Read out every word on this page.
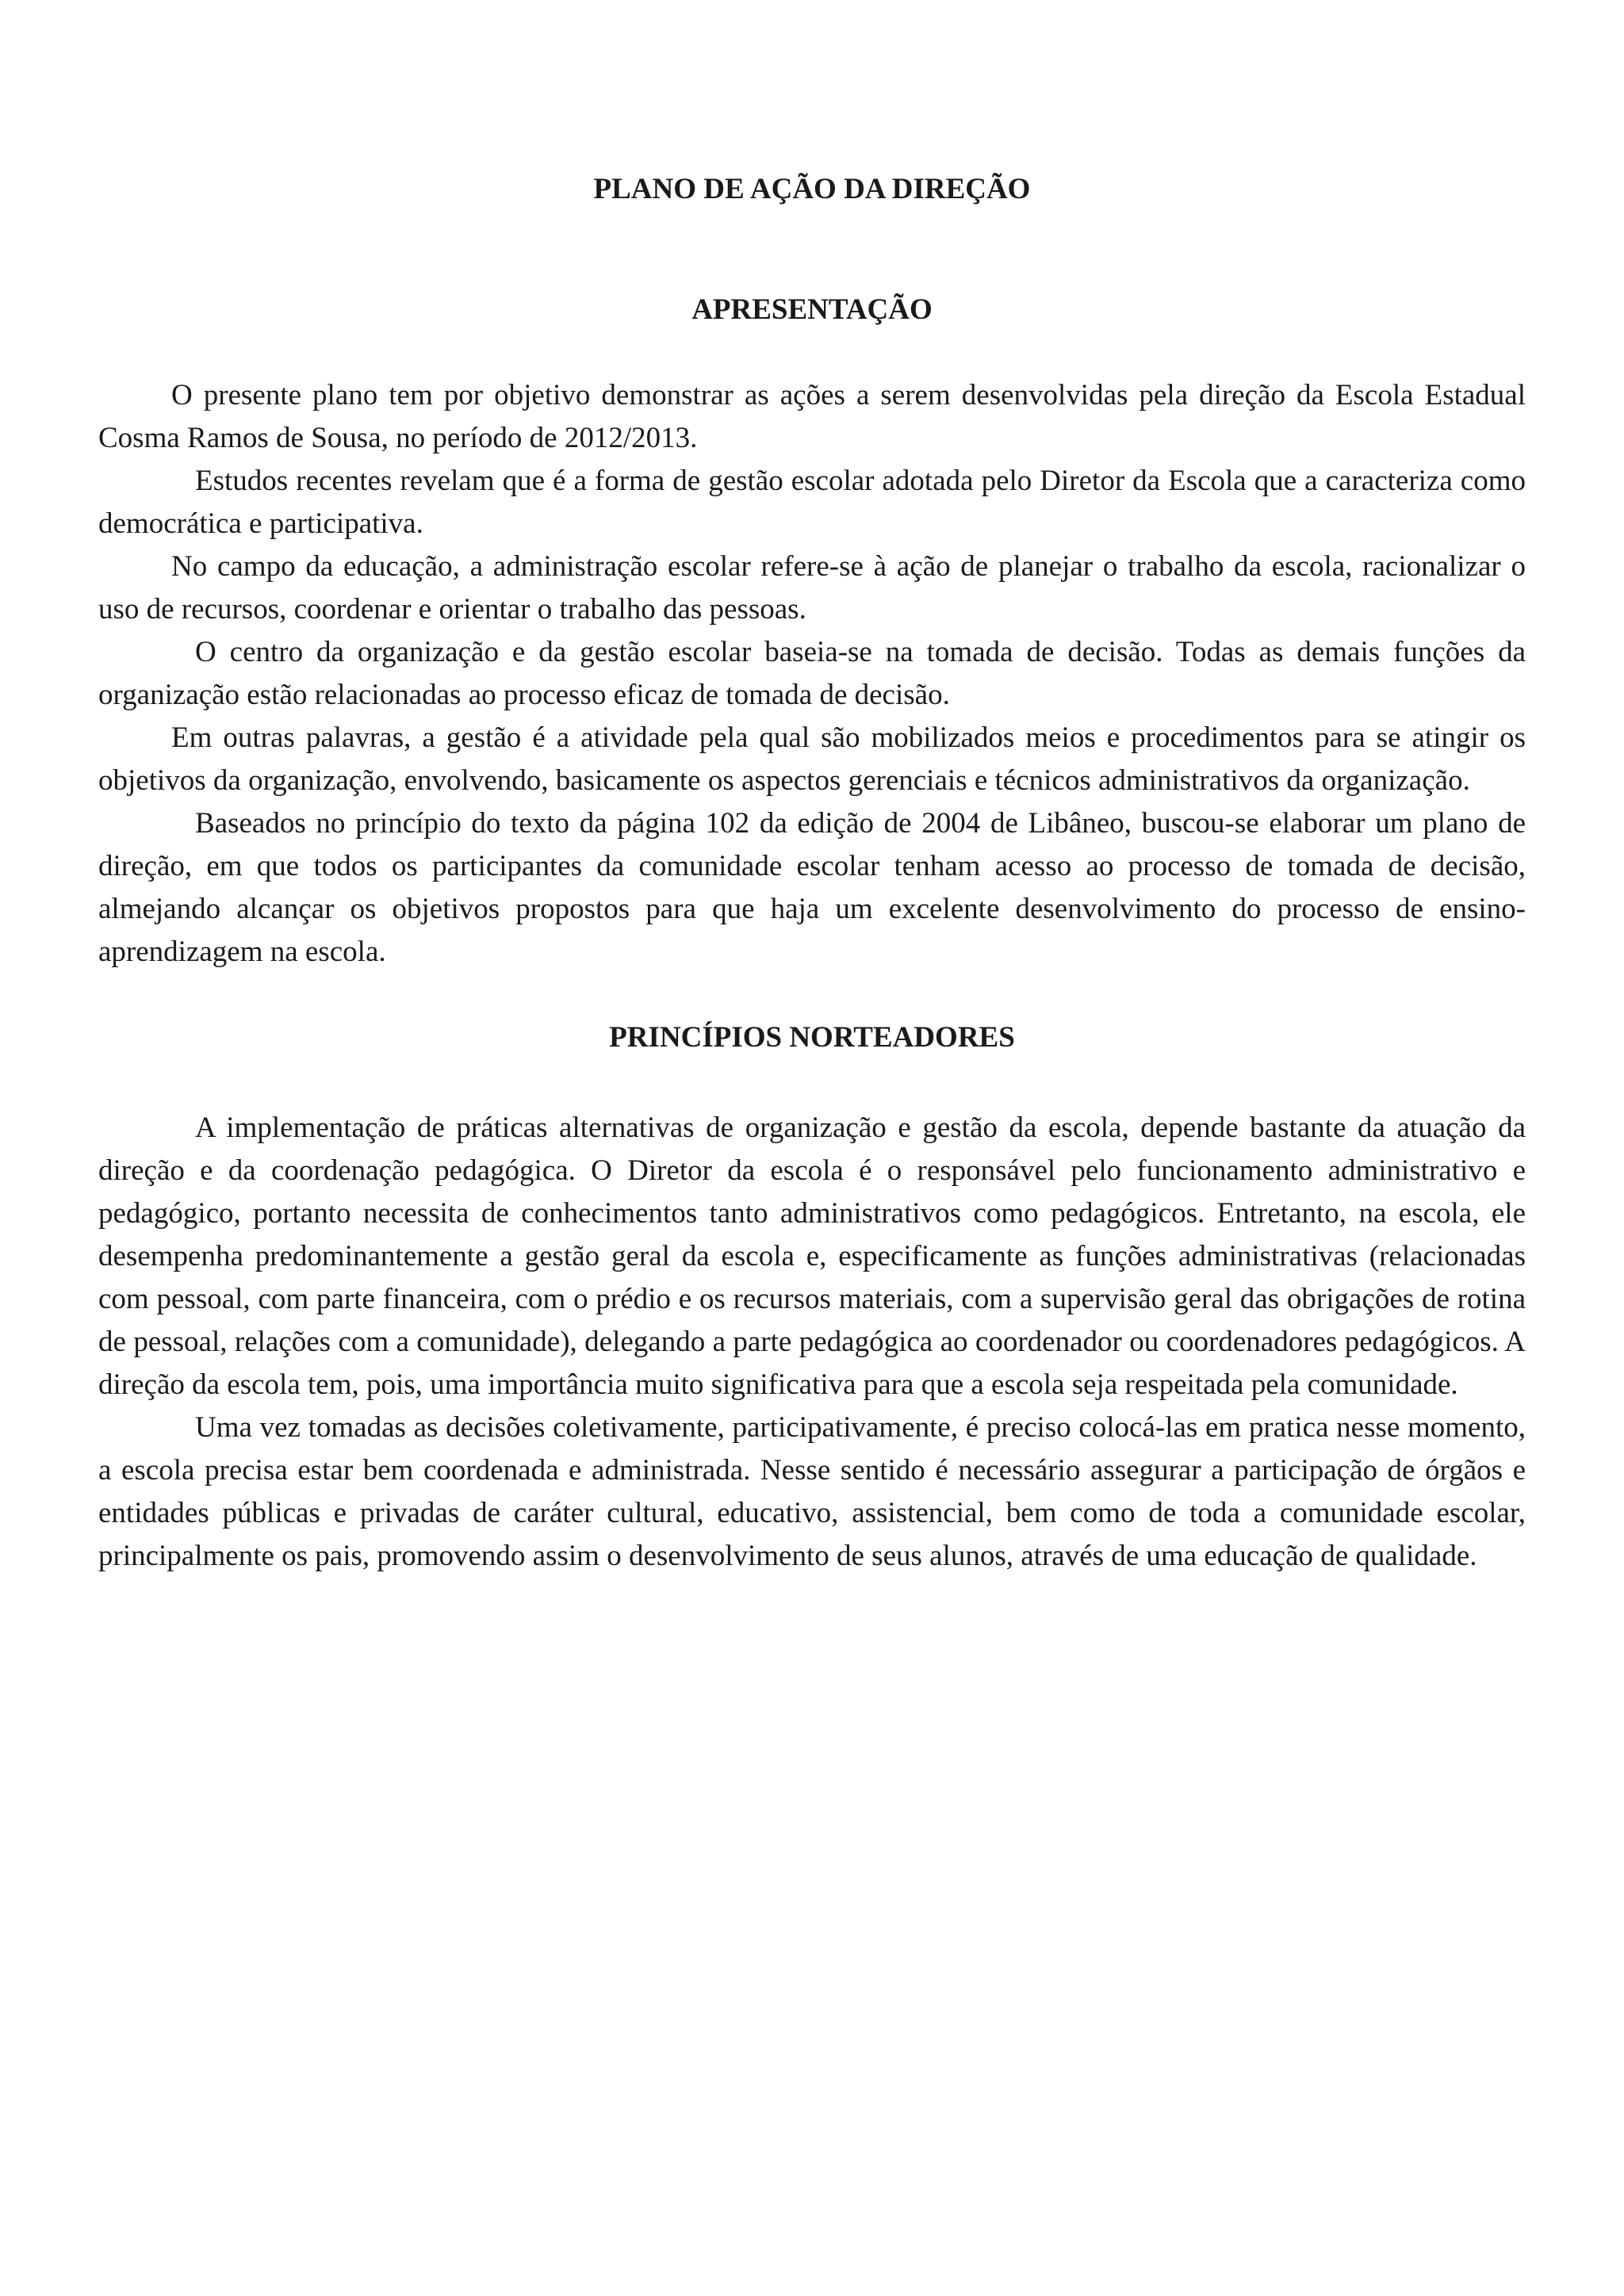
PLANO DE AÇÃO DA DIREÇÃO
APRESENTAÇÃO

O presente plano tem por objetivo demonstrar as ações a serem desenvolvidas pela direção da Escola Estadual Cosma Ramos de Sousa, no período de 2012/2013.

Estudos recentes revelam que é a forma de gestão escolar adotada pelo Diretor da Escola que a caracteriza como democrática e participativa.

No campo da educação, a administração escolar refere-se à ação de planejar o trabalho da escola, racionalizar o uso de recursos, coordenar e orientar o trabalho das pessoas.

O centro da organização e da gestão escolar baseia-se na tomada de decisão. Todas as demais funções da organização estão relacionadas ao processo eficaz de tomada de decisão.

Em outras palavras, a gestão é a atividade pela qual são mobilizados meios e procedimentos para se atingir os objetivos da organização, envolvendo, basicamente os aspectos gerenciais e técnicos administrativos da organização.

Baseados no princípio do texto da página 102 da edição de 2004 de Libâneo, buscou-se elaborar um plano de direção, em que todos os participantes da comunidade escolar tenham acesso ao processo de tomada de decisão, almejando alcançar os objetivos propostos para que haja um excelente desenvolvimento do processo de ensino-aprendizagem na escola.

PRINCÍPIOS NORTEADORES

A implementação de práticas alternativas de organização e gestão da escola, depende bastante da atuação da direção e da coordenação pedagógica. O Diretor da escola é o responsável pelo funcionamento administrativo e pedagógico, portanto necessita de conhecimentos tanto administrativos como pedagógicos. Entretanto, na escola, ele desempenha predominantemente a gestão geral da escola e, especificamente as funções administrativas (relacionadas com pessoal, com parte financeira, com o prédio e os recursos materiais, com a supervisão geral das obrigações de rotina de pessoal, relações com a comunidade), delegando a parte pedagógica ao coordenador ou coordenadores pedagógicos. A direção da escola tem, pois, uma importância muito significativa para que a escola seja respeitada pela comunidade.

Uma vez tomadas as decisões coletivamente, participativamente, é preciso colocá-las em pratica nesse momento, a escola precisa estar bem coordenada e administrada. Nesse sentido é necessário assegurar a participação de órgãos e entidades públicas e privadas de caráter cultural, educativo, assistencial, bem como de toda a comunidade escolar, principalmente os pais, promovendo assim o desenvolvimento de seus alunos, através de uma educação de qualidade.
